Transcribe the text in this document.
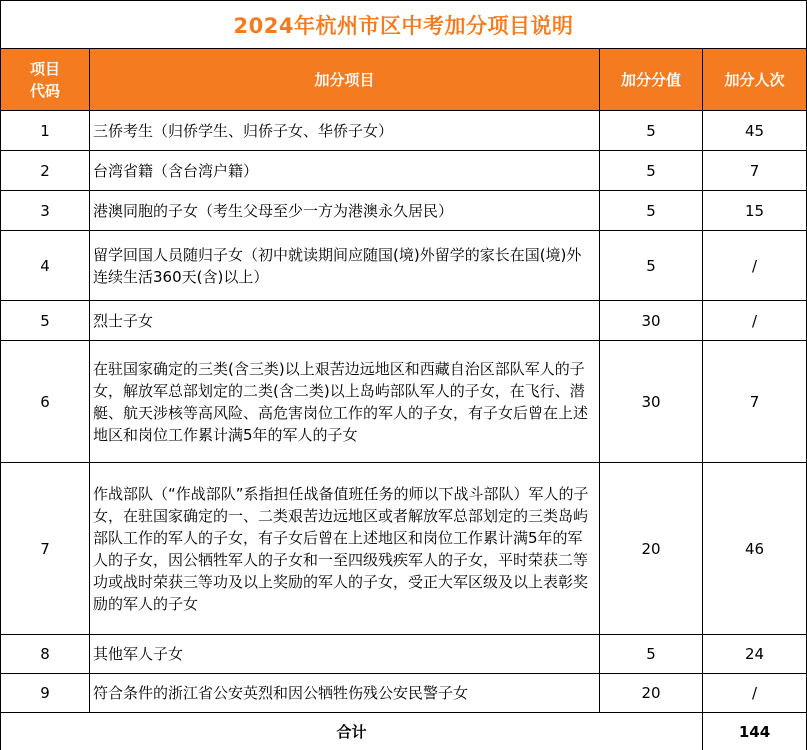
2024年杭州市区中考加分项目说明			
项目
代码	加分项目	加分分值	加分人次
1	三侨考生（归侨学生、归侨子女、华侨子女）	5	45
2	台湾省籍（含台湾户籍）	5	7
3	港澳同胞的子女（考生父母至少一方为港澳永久居民）	5	15
4	留学回国人员随归子女（初中就读期间应随国(境)外留学的家长在国(境)外连续生活360天(含)以上）	5	/
5	烈士子女	30	/
6	在驻国家确定的三类(含三类)以上艰苦边远地区和西藏自治区部队军人的子女，解放军总部划定的二类(含二类)以上岛屿部队军人的子女，在飞行、潜艇、航天涉核等高风险、高危害岗位工作的军人的子女，有子女后曾在上述地区和岗位工作累计满5年的军人的子女	30	7
7	作战部队（“作战部队”系指担任战备值班任务的师以下战斗部队）军人的子女，在驻国家确定的一、二类艰苦边远地区或者解放军总部划定的三类岛屿部队工作的军人的子女，有子女后曾在上述地区和岗位工作累计满5年的军人的子女，因公牺牲军人的子女和一至四级残疾军人的子女，平时荣获二等功或战时荣获三等功及以上奖励的军人的子女，受正大军区级及以上表彰奖励的军人的子女	20	46
8	其他军人子女	5	24
9	符合条件的浙江省公安英烈和因公牺牲伤残公安民警子女	20	/
合计			144
